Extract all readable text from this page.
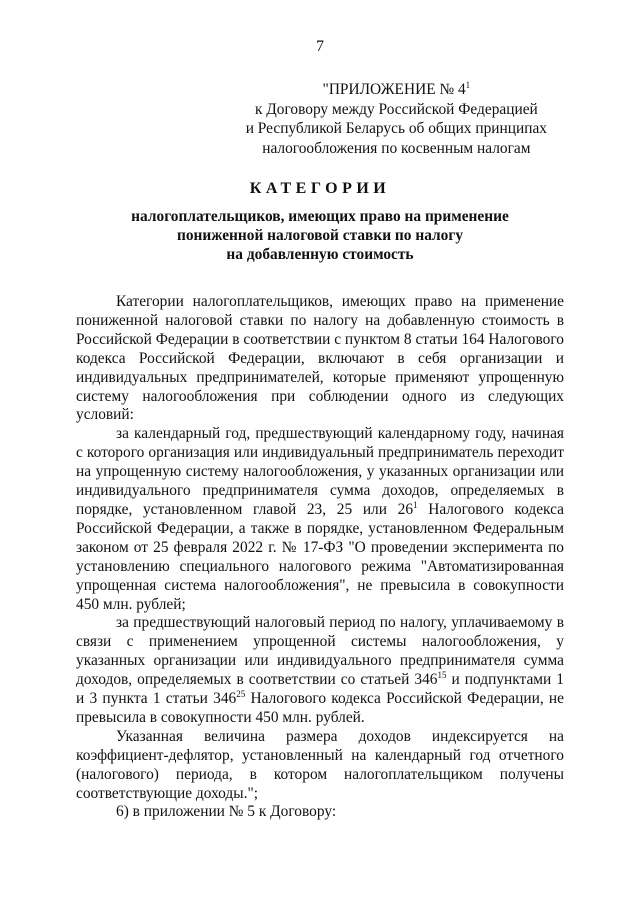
7
"ПРИЛОЖЕНИЕ № $4^1$
к Договору между Российской Федерацией
и Республикой Беларусь об общих принципах
налогообложения по косвенным налогам
КАТЕГОРИИ
налогоплательщиков, имеющих право на применение
пониженной налоговой ставки по налогу
на добавленную стоимость

Категории налогоплательщиков, имеющих право на применение пониженной налоговой ставки по налогу на добавленную стоимость в Российской Федерации в соответствии с пунктом 8 статьи 164 Налогового кодекса Российской Федерации, включают в себя организации и индивидуальных предпринимателей, которые применяют упрощенную систему налогообложения при соблюдении одного из следующих условий:

за календарный год, предшествующий календарному году, начиная с которого организация или индивидуальный предприниматель переходит на упрощенную систему налогообложения, у указанных организации или индивидуального предпринимателя сумма доходов, определяемых в порядке, установленном главой 23, 25 или $26^1$ Налогового кодекса Российской Федерации, а также в порядке, установленном Федеральным законом от 25 февраля 2022 г. № 17-ФЗ "О проведении эксперимента по установлению специального налогового режима "Автоматизированная упрощенная система налогообложения", не превысила в совокупности 450 млн. рублей;

за предшествующий налоговый период по налогу, уплачиваемому в связи с применением упрощенной системы налогообложения, у указанных организации или индивидуального предпринимателя сумма доходов, определяемых в соответствии со статьей $346^{15}$ и подпунктами 1 и 3 пункта 1 статьи $346^{25}$ Налогового кодекса Российской Федерации, не превысила в совокупности 450 млн. рублей.

Указанная величина размера доходов индексируется на коэффициент-дефлятор, установленный на календарный год отчетного (налогового) периода, в котором налогоплательщиком получены соответствующие доходы.";

6) в приложении № 5 к Договору:
